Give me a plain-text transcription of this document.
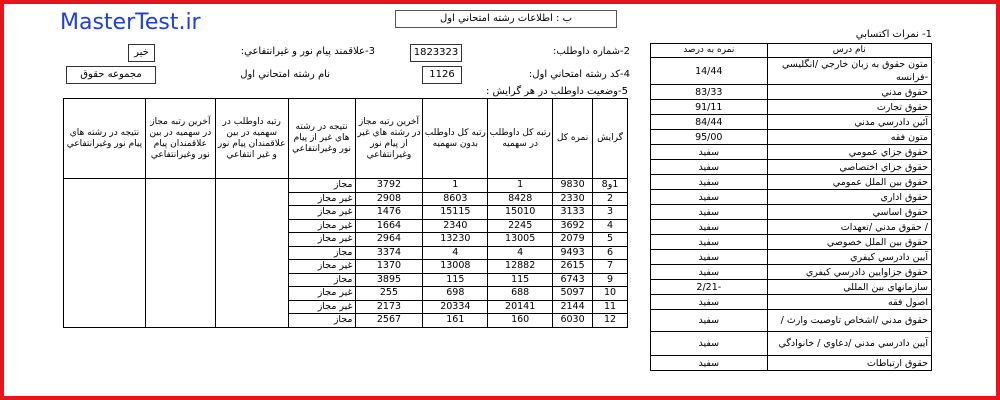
MasterTest.ir	ب : اطلاعات رشته امتحاني اول
1- نمرات اكتسابي
2-شماره داوطلب:
1823323
3-علاقمند پيام نور و غيرانتفاعي:
خير
4-كد رشته امتحاني اول:
1126
نام رشته امتحاني اول
مجموعه حقوق
5-وضعيت داوطلب در هر گرايش :
نام درس	نمره به درصد
متون حقوق به زبان خارجي /انگليسي -فرانسه	14/44
حقوق مدني	83/33
حقوق تجارت	91/11
آئين دادرسي مدني	84/44
متون فقه	95/00
حقوق جزاي عمومي	سفيد
حقوق جزاي اختصاصي	سفيد
حقوق بين الملل عمومي	سفيد
حقوق اداري	سفيد
حقوق اساسي	سفيد
/ حقوق مدني /تعهدات	سفيد
حقوق بين الملل خصوصي	سفيد
آيين دادرسي كيفري	سفيد
حقوق جزاوايين دادرسي كيفري	سفيد
سازمانهاي بين المللي	-2/21
اصول فقه	سفيد
حقوق مدني /اشخاص تاوصيت وارث /	سفيد
آيين دادرسي مدني /دعاوي / خانوادگي	سفيد
حقوق ارتباطات	سفيد
گرايش	نمره كل	رتبه كل داوطلب در سهميه	رتبه كل داوطلب بدون سهميه	آخرين رتبه مجاز در رشته هاي غير از پيام نور وغيرانتفاعي	نتيجه در رشته هاي غير از پيام نور وغيرانتفاعي	رتبه داوطلب در سهميه در بين علاقمندان پيام نور و غير انتفاعي	آخرين رتبه مجاز در سهميه در بين علاقمندان پيام نور وغيرانتفاعي	نتيجه در رشته هاي پيام نور وغيرانتفاعي
1و8	9830	1	1	3792	مجاز			
2	2330	8428	8603	2908	غير مجاز			
3	3133	15010	15115	1476	غير مجاز			
4	3692	2245	2340	1664	غير مجاز			
5	2079	13005	13230	2964	غير مجاز			
6	9493	4	4	3374	مجاز			
7	2615	12882	13008	1370	غير مجاز			
9	6743	115	115	3895	مجاز			
10	5097	688	698	255	غير مجاز			
11	2144	20141	20334	2173	غير مجاز			
12	6030	160	161	2567	مجاز			
